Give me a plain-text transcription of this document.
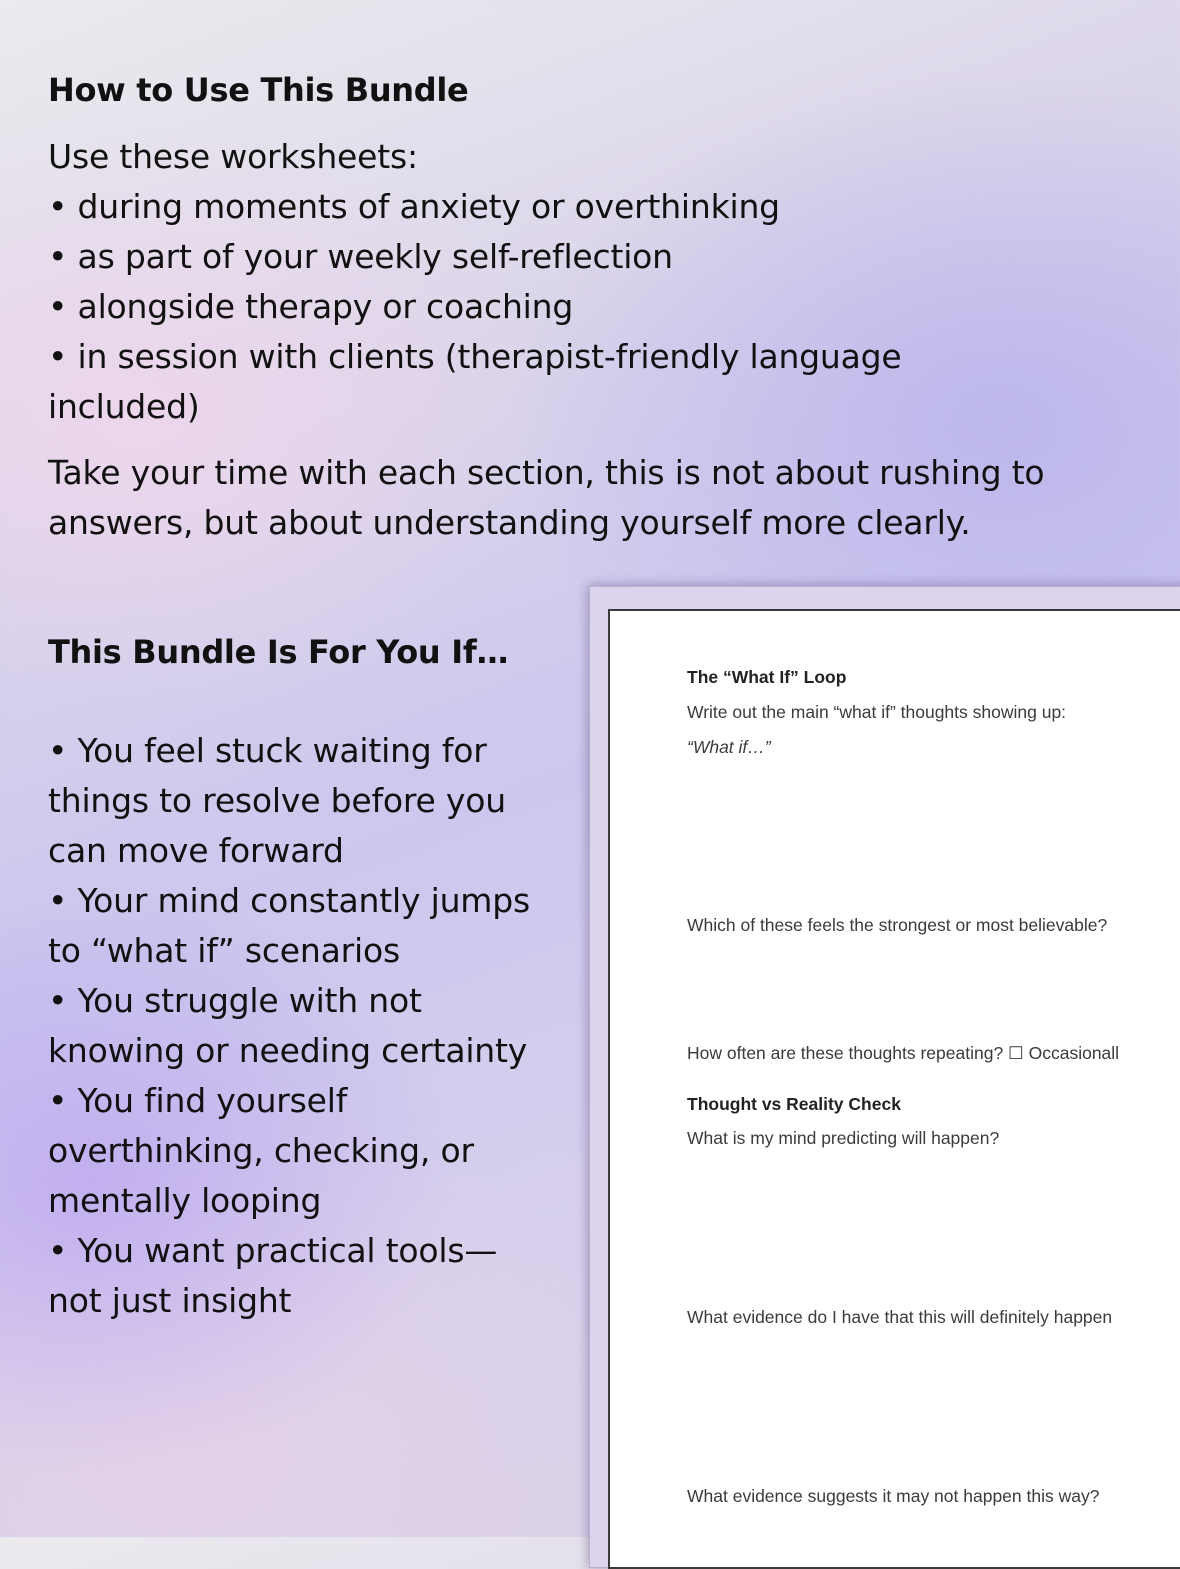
How to Use This Bundle
Use these worksheets:
• during moments of anxiety or overthinking
• as part of your weekly self-reflection
• alongside therapy or coaching
• in session with clients (therapist-friendly language
included)
Take your time with each section, this is not about rushing to
answers, but about understanding yourself more clearly.
This Bundle Is For You If…
• You feel stuck waiting for
things to resolve before you
can move forward
• Your mind constantly jumps
to “what if” scenarios
• You struggle with not
knowing or needing certainty
• You find yourself
overthinking, checking, or
mentally looping
• You want practical tools—
not just insight
The “What If” Loop
Write out the main “what if” thoughts showing up:
“What if…”
Which of these feels the strongest or most believable?
How often are these thoughts repeating? ☐ Occasionall
Thought vs Reality Check
What is my mind predicting will happen?
What evidence do I have that this will definitely happen
What evidence suggests it may not happen this way?
